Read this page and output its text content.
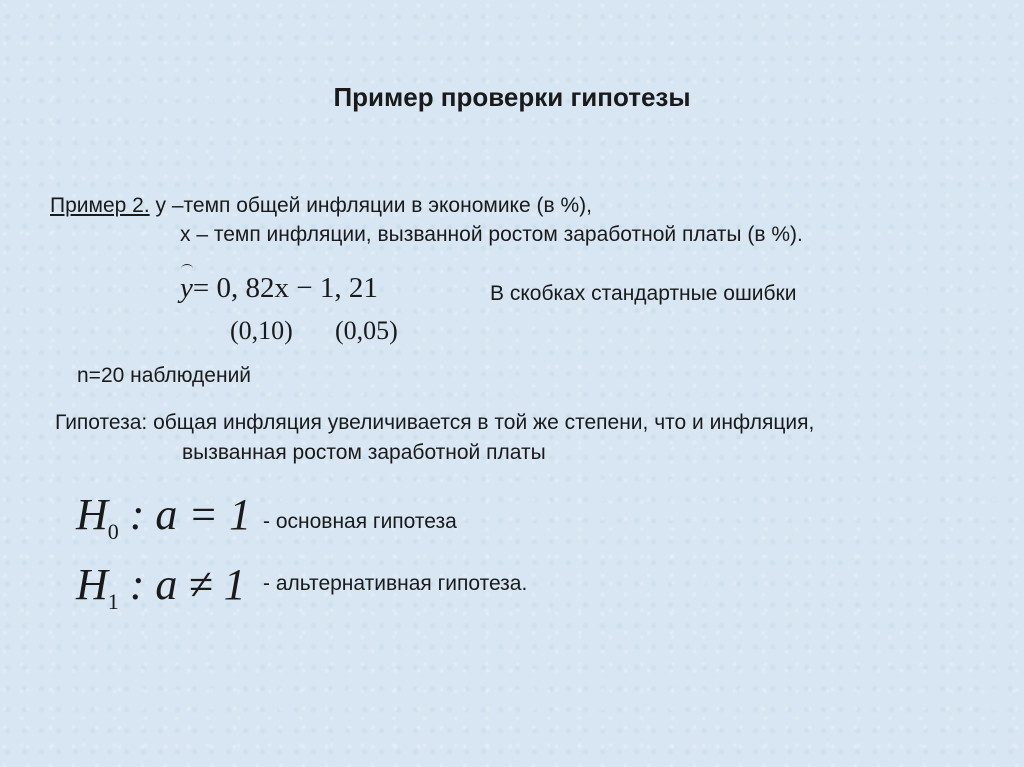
Пример проверки гипотезы
Пример 2. у –темп общей инфляции в экономике (в %),
х – темп инфляции, вызванной ростом заработной платы (в %).
y= 0, 82x − 1, 21
(0,10) (0,05)
В скобках стандартные ошибки
n=20 наблюдений
Гипотеза: общая инфляция увеличивается в той же степени, что и инфляция,
вызванная ростом заработной платы
$H_0$ : a = 1 - основная гипотеза
$H_1$ : a ≠ 1 - альтернативная гипотеза.
